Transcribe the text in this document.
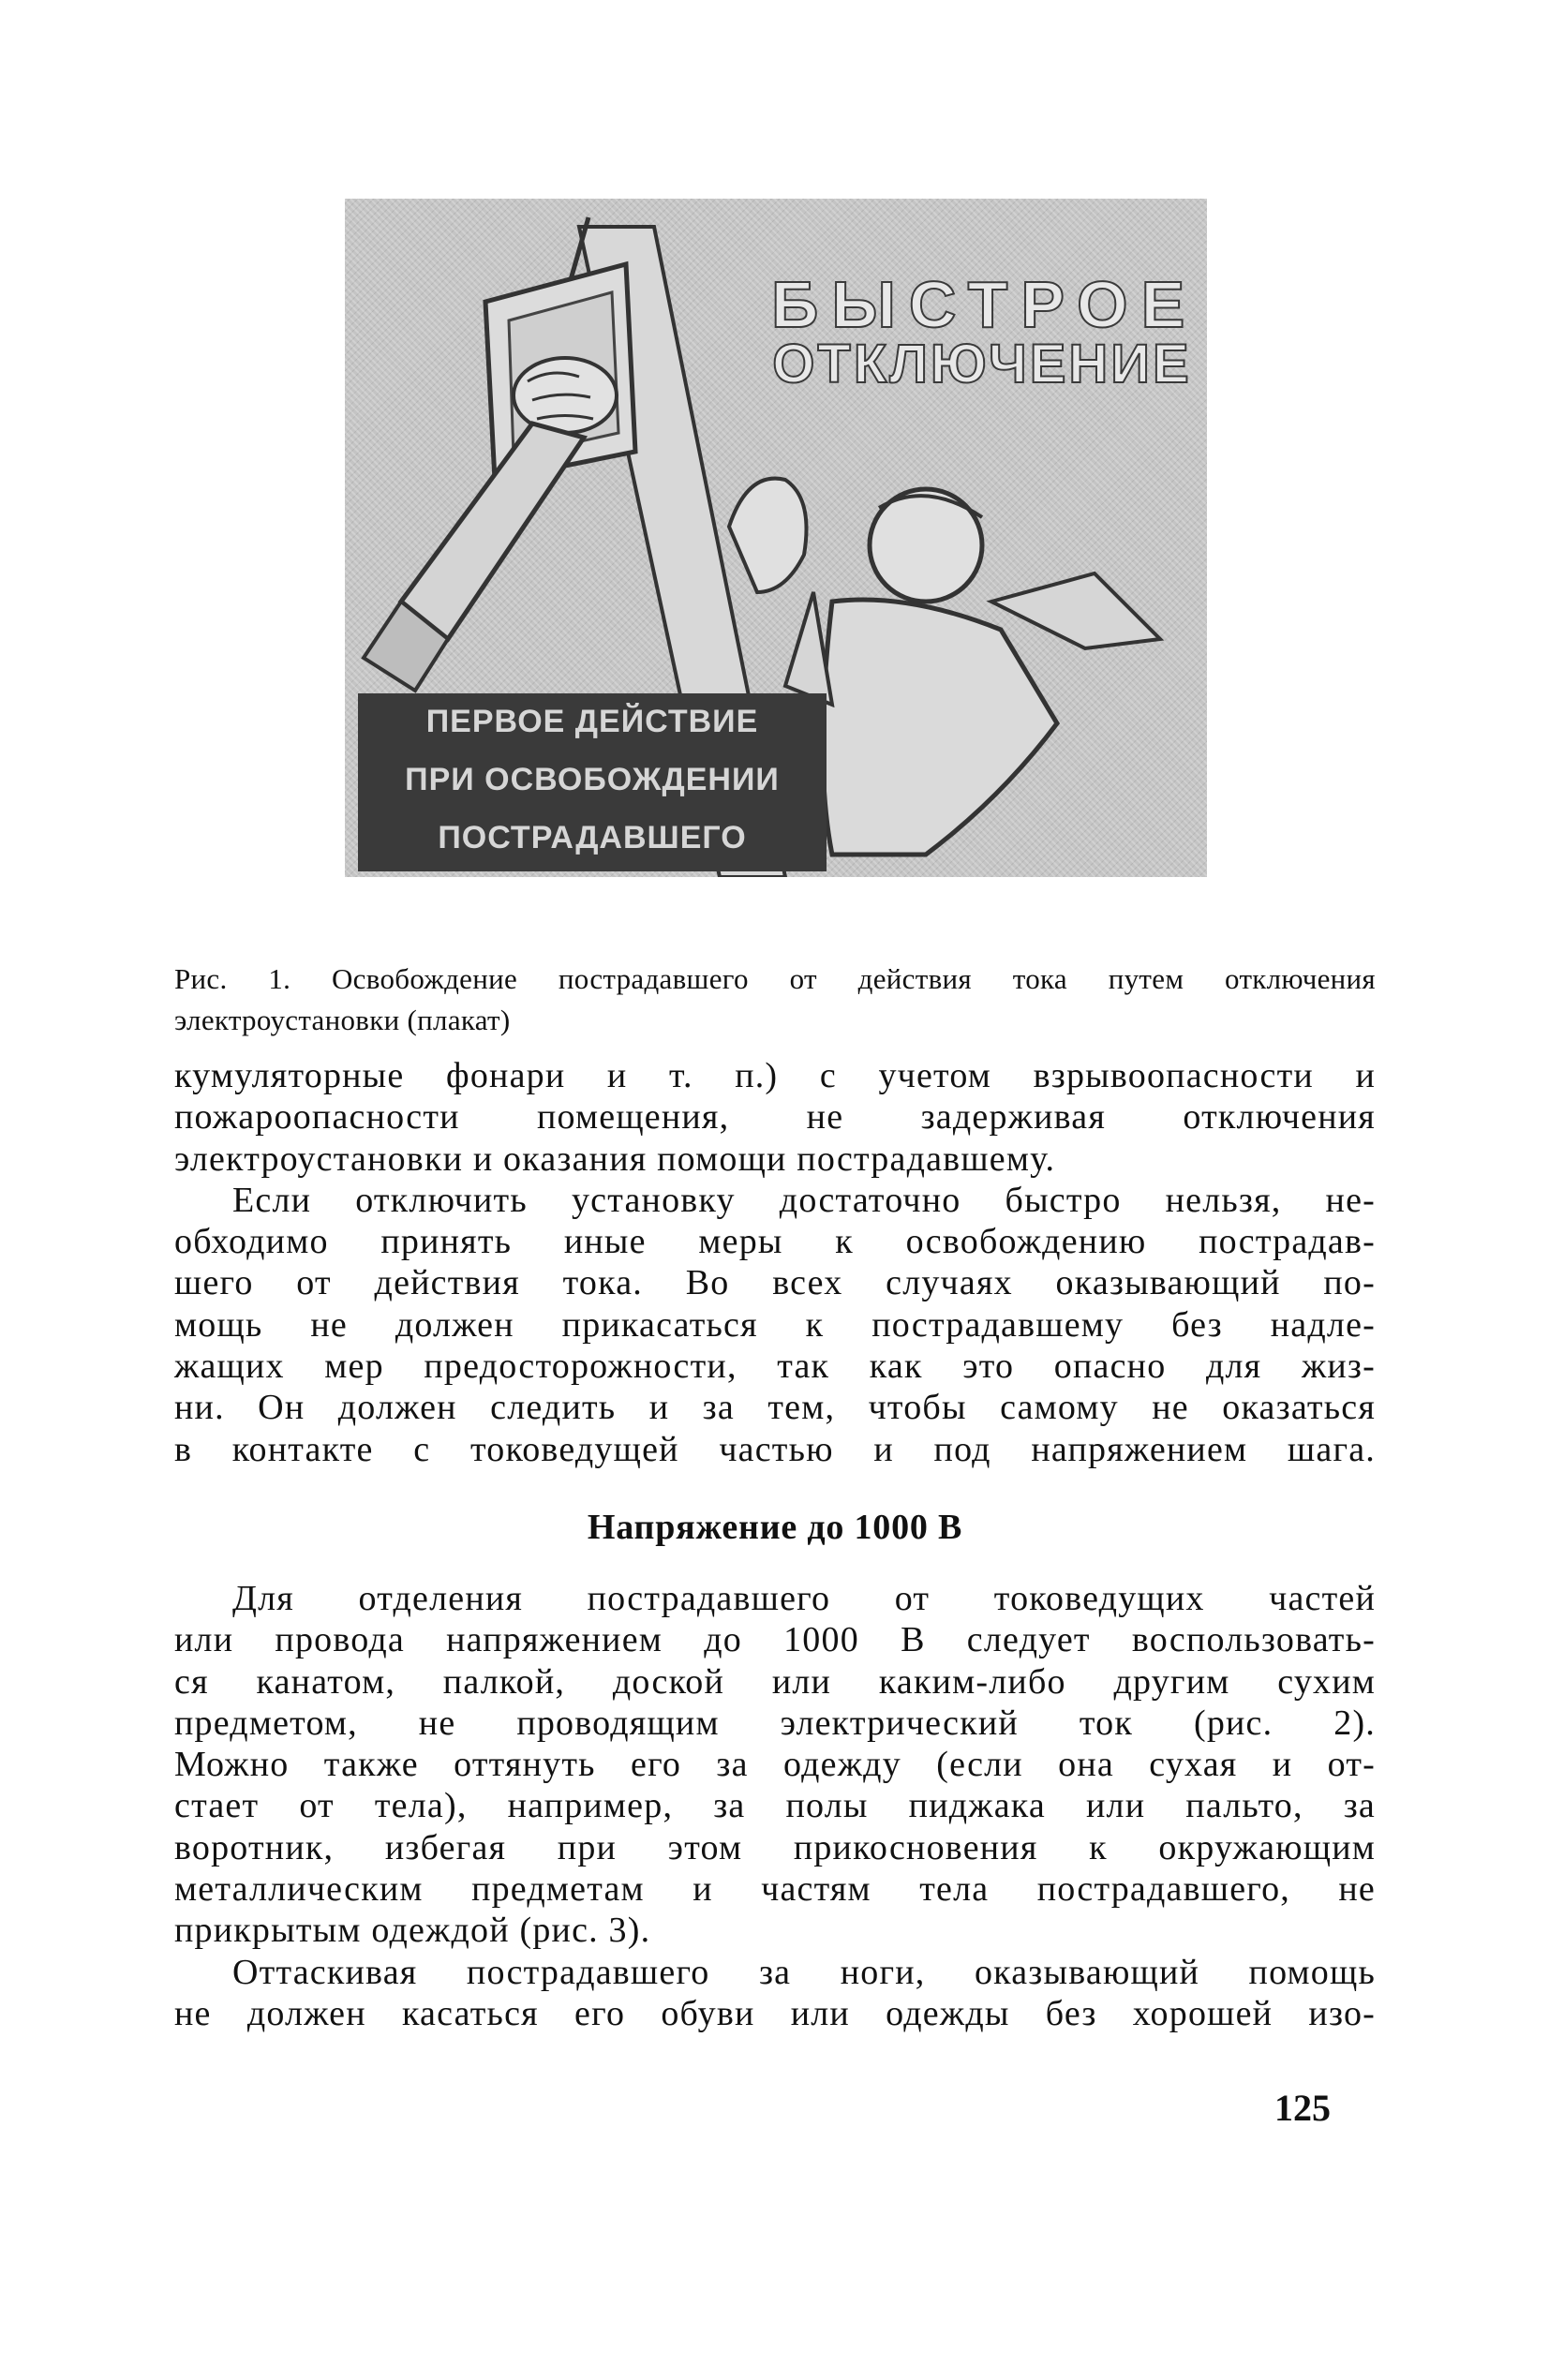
БЫСТРОЕ
ОТКЛЮЧЕНИЕ
ПЕРВОЕ ДЕЙСТВИЕ
ПРИ ОСВОБОЖДЕНИИ
ПОСТРАДАВШЕГО
Рис. 1. Освобождение пострадавшего от действия тока путем отключения
электроустановки (плакат)
кумуляторные фонари и т. п.) с учетом взрывоопасности и
пожароопасности помещения, не задерживая отключения
электроустановки и оказания помощи пострадавшему.
Если отключить установку достаточно быстро нельзя, не-
обходимо принять иные меры к освобождению пострадав-
шего от действия тока. Во всех случаях оказывающий по-
мощь не должен прикасаться к пострадавшему без надле-
жащих мер предосторожности, так как это опасно для жиз-
ни. Он должен следить и за тем, чтобы самому не оказаться
в контакте с токоведущей частью и под напряжением шага.
Напряжение до 1000 В
Для отделения пострадавшего от токоведущих частей
или провода напряжением до 1000 В следует воспользовать-
ся канатом, палкой, доской или каким-либо другим сухим
предметом, не проводящим электрический ток (рис. 2).
Можно также оттянуть его за одежду (если она сухая и от-
стает от тела), например, за полы пиджака или пальто, за
воротник, избегая при этом прикосновения к окружающим
металлическим предметам и частям тела пострадавшего, не
прикрытым одеждой (рис. 3).
Оттаскивая пострадавшего за ноги, оказывающий помощь
не должен касаться его обуви или одежды без хорошей изо-
125
